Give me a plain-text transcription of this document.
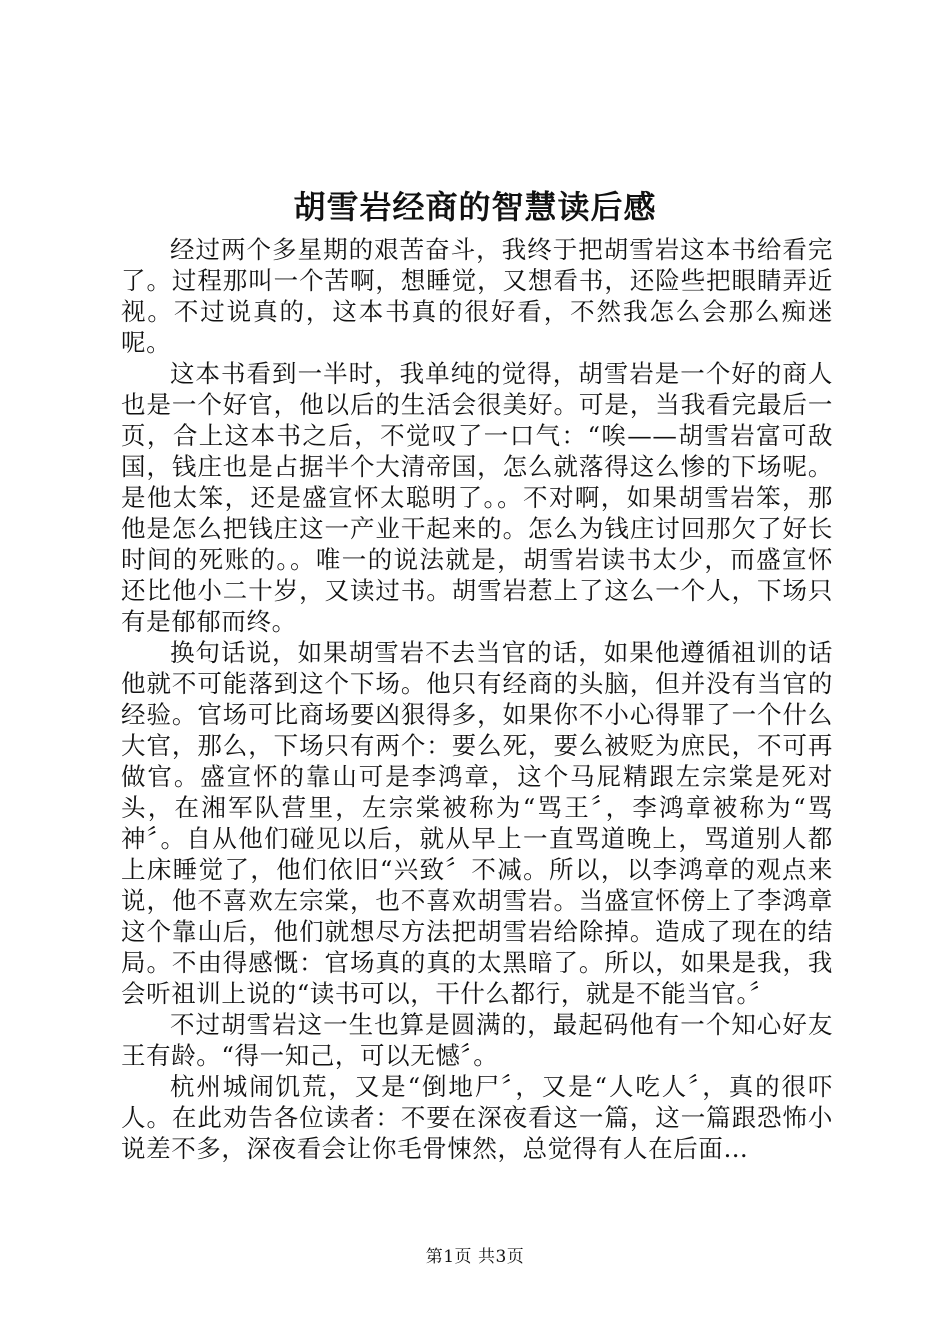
胡雪岩经商的智慧读后感

经过两个多星期的艰苦奋斗，我终于把胡雪岩这本书给看完了。过程那叫一个苦啊，想睡觉，又想看书，还险些把眼睛弄近视。不过说真的，这本书真的很好看，不然我怎么会那么痴迷呢。

这本书看到一半时，我单纯的觉得，胡雪岩是一个好的商人也是一个好官，他以后的生活会很美好。可是，当我看完最后一页，合上这本书之后，不觉叹了一口气：“唉——胡雪岩富可敌国，钱庄也是占据半个大清帝国，怎么就落得这么惨的下场呢。是他太笨，还是盛宣怀太聪明了。。不对啊，如果胡雪岩笨，那他是怎么把钱庄这一产业干起来的。怎么为钱庄讨回那欠了好长时间的死账的。。唯一的说法就是，胡雪岩读书太少，而盛宣怀还比他小二十岁，又读过书。胡雪岩惹上了这么一个人，下场只有是郁郁而终。

换句话说，如果胡雪岩不去当官的话，如果他遵循祖训的话他就不可能落到这个下场。他只有经商的头脑，但并没有当官的经验。官场可比商场要凶狠得多，如果你不小心得罪了一个什么大官，那么，下场只有两个：要么死，要么被贬为庶民，不可再做官。盛宣怀的靠山可是李鸿章，这个马屁精跟左宗棠是死对头，在湘军队营里，左宗棠被称为“骂王〞，李鸿章被称为“骂神〞。自从他们碰见以后，就从早上一直骂道晚上，骂道别人都上床睡觉了，他们依旧“兴致〞不减。所以，以李鸿章的观点来说，他不喜欢左宗棠，也不喜欢胡雪岩。当盛宣怀傍上了李鸿章这个靠山后，他们就想尽方法把胡雪岩给除掉。造成了现在的结局。不由得感慨：官场真的真的太黑暗了。所以，如果是我，我会听祖训上说的“读书可以，干什么都行，就是不能当官。〞

不过胡雪岩这一生也算是圆满的，最起码他有一个知心好友王有龄。“得一知己，可以无憾〞。

杭州城闹饥荒，又是“倒地尸〞，又是“人吃人〞，真的很吓人。在此劝告各位读者：不要在深夜看这一篇，这一篇跟恐怖小说差不多，深夜看会让你毛骨悚然，总觉得有人在后面…

第1页 共3页
